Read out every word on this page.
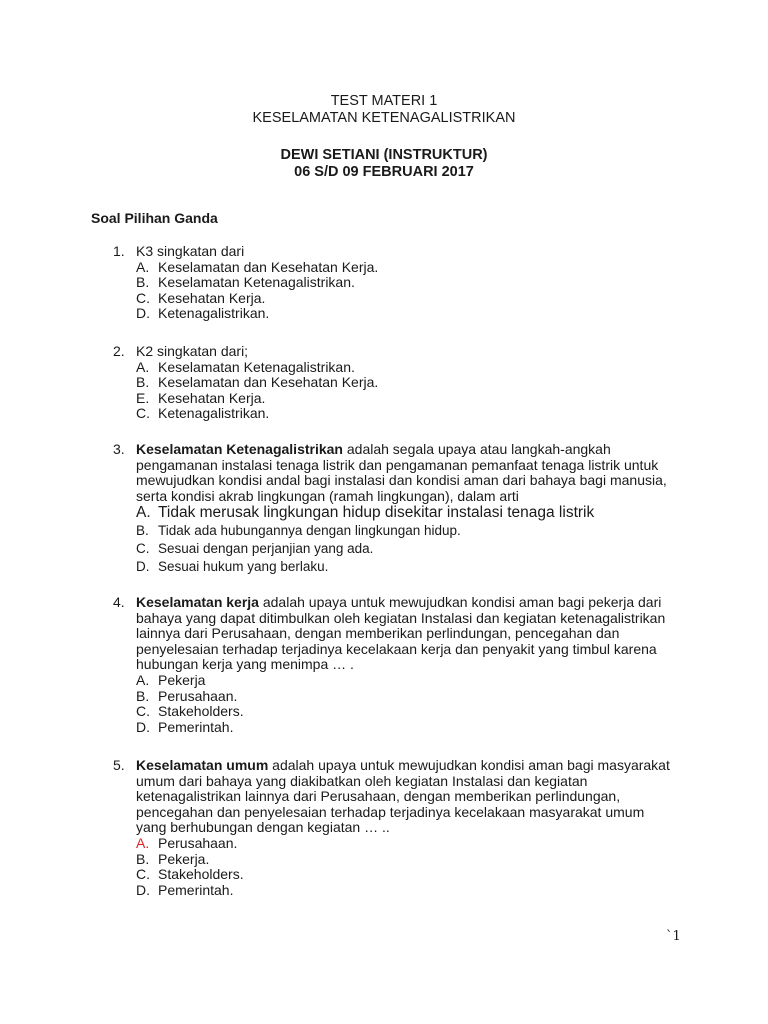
TEST MATERI 1
KESELAMATAN KETENAGALISTRIKAN
DEWI SETIANI (INSTRUKTUR)
06 S/D 09 FEBRUARI 2017
Soal Pilihan Ganda
1. K3 singkatan dari
A. Keselamatan dan Kesehatan Kerja.
B. Keselamatan Ketenagalistrikan.
C. Kesehatan Kerja.
D. Ketenagalistrikan.
2. K2 singkatan dari;
A. Keselamatan Ketenagalistrikan.
B. Keselamatan dan Kesehatan Kerja.
E. Kesehatan Kerja.
C. Ketenagalistrikan.
3. Keselamatan Ketenagalistrikan adalah segala upaya atau langkah-angkah pengamanan instalasi tenaga listrik dan pengamanan pemanfaat tenaga listrik untuk mewujudkan kondisi andal bagi instalasi dan kondisi aman dari bahaya bagi manusia, serta kondisi akrab lingkungan (ramah lingkungan), dalam arti
A. Tidak merusak lingkungan hidup disekitar instalasi tenaga listrik
B. Tidak ada hubungannya dengan lingkungan hidup.
C. Sesuai dengan perjanjian yang ada.
D. Sesuai hukum yang berlaku.
4. Keselamatan kerja adalah upaya untuk mewujudkan kondisi aman bagi pekerja dari bahaya yang dapat ditimbulkan oleh kegiatan Instalasi dan kegiatan ketenagalistrikan lainnya dari Perusahaan, dengan memberikan perlindungan, pencegahan dan penyelesaian terhadap terjadinya kecelakaan kerja dan penyakit yang timbul karena hubungan kerja yang menimpa … .
A. Pekerja
B. Perusahaan.
C. Stakeholders.
D. Pemerintah.
5. Keselamatan umum adalah upaya untuk mewujudkan kondisi aman bagi masyarakat umum dari bahaya yang diakibatkan oleh kegiatan Instalasi dan kegiatan ketenagalistrikan lainnya dari Perusahaan, dengan memberikan perlindungan, pencegahan dan penyelesaian terhadap terjadinya kecelakaan masyarakat umum yang berhubungan dengan kegiatan … ..
A. Perusahaan.
B. Pekerja.
C. Stakeholders.
D. Pemerintah.
`1
